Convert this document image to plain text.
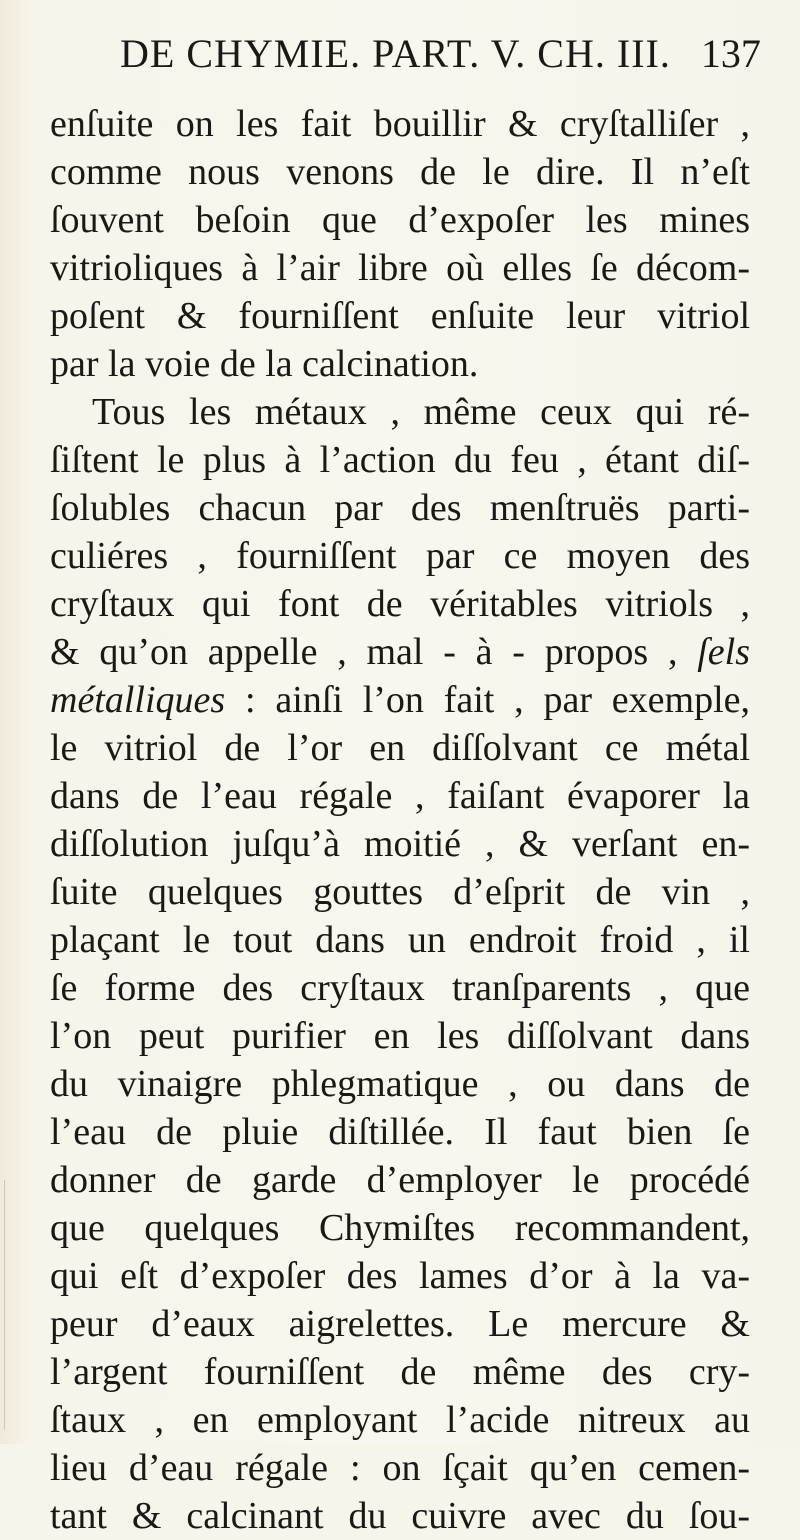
DE CHYMIE. PART. V. CH. III. 137
enſuite on les fait bouillir & cryſtalliſer ,
comme nous venons de le dire. Il n’eſt
ſouvent beſoin que d’expoſer les mines
vitrioliques à l’air libre où elles ſe décom-
poſent & fourniſſent enſuite leur vitriol
par la voie de la calcination.
Tous les métaux , même ceux qui ré-
ſiſtent le plus à l’action du feu , étant diſ-
ſolubles chacun par des menſtruës parti-
culiéres , fourniſſent par ce moyen des
cryſtaux qui font de véritables vitriols ,
& qu’on appelle , mal - à - propos , ſels
métalliques : ainſi l’on fait , par exemple,
le vitriol de l’or en diſſolvant ce métal
dans de l’eau régale , faiſant évaporer la
diſſolution juſqu’à moitié , & verſant en-
ſuite quelques gouttes d’eſprit de vin ,
plaçant le tout dans un endroit froid , il
ſe forme des cryſtaux tranſparents , que
l’on peut purifier en les diſſolvant dans
du vinaigre phlegmatique , ou dans de
l’eau de pluie diſtillée. Il faut bien ſe
donner de garde d’employer le procédé
que quelques Chymiſtes recommandent,
qui eſt d’expoſer des lames d’or à la va-
peur d’eaux aigrelettes. Le mercure &
l’argent fourniſſent de même des cry-
ſtaux , en employant l’acide nitreux au
lieu d’eau régale : on ſçait qu’en cemen-
tant & calcinant du cuivre avec du ſou-
